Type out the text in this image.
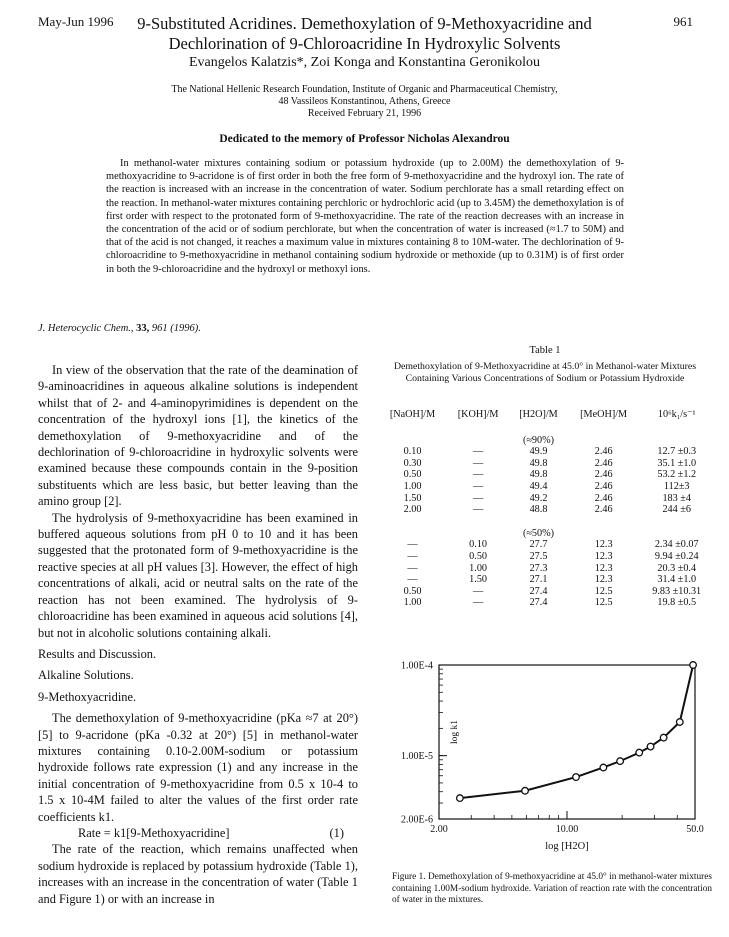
May-Jun 1996	961
9-Substituted Acridines. Demethoxylation of 9-Methoxyacridine and
Dechlorination of 9-Chloroacridine In Hydroxylic Solvents
Evangelos Kalatzis*, Zoi Konga and Konstantina Geronikolou
The National Hellenic Research Foundation, Institute of Organic and Pharmaceutical Chemistry,
48 Vassileos Konstantinou, Athens, Greece
Received February 21, 1996
Dedicated to the memory of Professor Nicholas Alexandrou

In methanol-water mixtures containing sodium or potassium hydroxide (up to 2.00M) the demethoxylation of 9-methoxyacridine to 9-acridone is of first order in both the free form of 9-methoxyacridine and the hydroxyl ion. The rate of the reaction is increased with an increase in the concentration of water. Sodium perchlorate has a small retarding effect on the reaction. In methanol-water mixtures containing perchloric or hydrochloric acid (up to 3.45M) the demethoxylation is of first order with respect to the protonated form of 9-methoxyacridine. The rate of the reaction decreases with an increase in the concentration of the acid or of sodium perchlorate, but when the concentration of water is increased (≈1.7 to 50M) and that of the acid is not changed, it reaches a maximum value in mixtures containing 8 to 10M-water. The dechlorination of 9-chloroacridine to 9-methoxyacridine in methanol containing sodium hydroxide or methoxide (up to 0.31M) is of first order in both the 9-chloroacridine and the hydroxyl or methoxyl ions.

J. Heterocyclic Chem., 33, 961 (1996).

In view of the observation that the rate of the deamination of 9-aminoacridines in aqueous alkaline solutions is independent whilst that of 2- and 4-aminopyrimidines is dependent on the concentration of the hydroxyl ions [1], the kinetics of the demethoxylation of 9-methoxyacridine and of the dechlorination of 9-chloroacridine in hydroxylic solvents were examined because these compounds contain in the 9-position substituents which are less basic, but better leaving than the amino group [2].

The hydrolysis of 9-methoxyacridine has been examined in buffered aqueous solutions from pH 0 to 10 and it has been suggested that the protonated form of 9-methoxyacridine is the reactive species at all pH values [3]. However, the effect of high concentrations of alkali, acid or neutral salts on the rate of the reaction has not been examined. The hydrolysis of 9-chloroacridine has been examined in aqueous acid solutions [4], but not in alcoholic solutions containing alkali.

Results and Discussion.

Alkaline Solutions.

9-Methoxyacridine.

The demethoxylation of 9-methoxyacridine (pKa ≈7 at 20°) [5] to 9-acridone (pKa -0.32 at 20°) [5] in methanol-water mixtures containing 0.10-2.00M-sodium or potassium hydroxide follows rate expression (1) and any increase in the initial concentration of 9-methoxyacridine from 0.5 x 10-4 to 1.5 x 10-4M failed to alter the values of the first order rate coefficients k1.

Rate = k1[9-Methoxyacridine]	(1)

The rate of the reaction, which remains unaffected when sodium hydroxide is replaced by potassium hydroxide (Table 1), increases with an increase in the concentration of water (Table 1 and Figure 1) or with an increase in

Table 1
Demethoxylation of 9-Methoxyacridine at 45.0° in Methanol-water Mixtures Containing Various Concentrations of Sodium or Potassium Hydroxide
[NaOH]/M	[KOH]/M	[H2O]/M	[MeOH]/M	10⁶k₁/s⁻¹
		(≈90%)		
0.10	—	49.9	2.46	12.7 ±0.3
0.30	—	49.8	2.46	35.1 ±1.0
0.50	—	49.8	2.46	53.2 ±1.2
1.00	—	49.4	2.46	112±3
1.50	—	49.2	2.46	183 ±4
2.00	—	48.8	2.46	244 ±6

		(≈50%)		
—	0.10	27.7	12.3	2.34 ±0.07
—	0.50	27.5	12.3	9.94 ±0.24
—	1.00	27.3	12.3	20.3 ±0.4
—	1.50	27.1	12.3	31.4 ±1.0
0.50	—	27.4	12.5	9.83 ±10.31
1.00	—	27.4	12.5	19.8 ±0.5
2.00	10.00	50.0
1.00E-4
1.00E-5
2.00E-6
log [H2O]
log k1
Figure 1. Demethoxylation of 9-methoxyacridine at 45.0° in methanol-water mixtures containing 1.00M-sodium hydroxide. Variation of reaction rate with the concentration of water in the mixtures.
